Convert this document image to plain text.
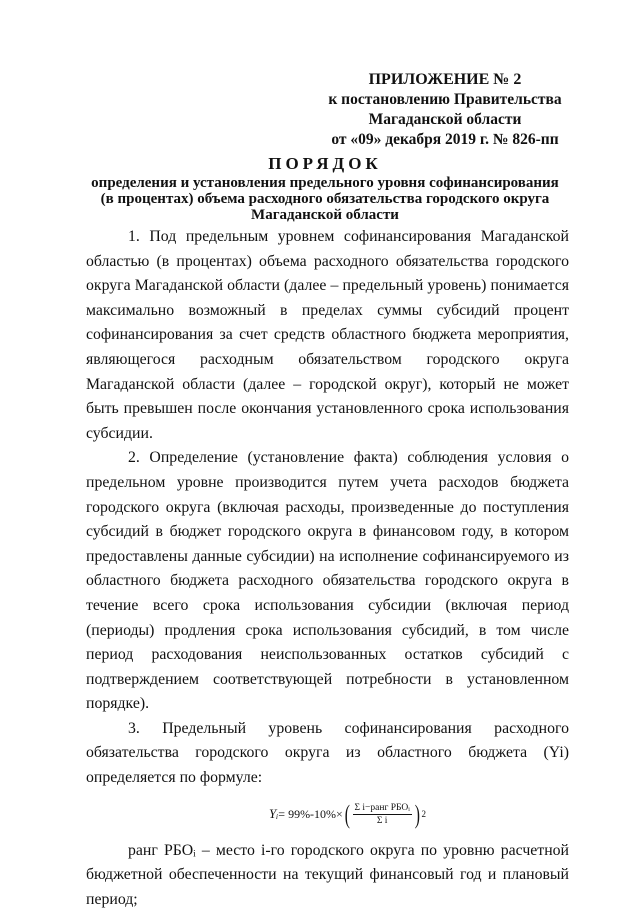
ПРИЛОЖЕНИЕ № 2
к постановлению Правительства
Магаданской области
от «09» декабря 2019 г. № 826-пп
ПОРЯДОК
определения и установления предельного уровня софинансирования
(в процентах) объема расходного обязательства городского округа
Магаданской области

1. Под предельным уровнем софинансирования Магаданской областью (в процентах) объема расходного обязательства городского округа Магаданской области (далее – предельный уровень) понимается максимально возможный в пределах суммы субсидий процент софинансирования за счет средств областного бюджета мероприятия, являющегося расходным обязательством городского округа Магаданской области (далее – городской округ), который не может быть превышен после окончания установленного срока использования субсидии.

2. Определение (установление факта) соблюдения условия о предельном уровне производится путем учета расходов бюджета городского округа (включая расходы, произведенные до поступления субсидий в бюджет городского округа в финансовом году, в котором предоставлены данные субсидии) на исполнение софинансируемого из областного бюджета расходного обязательства городского округа в течение всего срока использования субсидии (включая период (периоды) продления срока использования субсидий, в том числе период расходования неиспользованных остатков субсидий с подтверждением соответствующей потребности в установленном порядке).

3. Предельный уровень софинансирования расходного обязательства городского округа из областного бюджета (Yi) определяется по формуле:

Yᵢ = 99%-10%× ( $\frac{\text{Σ i−ранг РБОᵢ}}{\text{Σ i}}$ ) 2

ранг РБОᵢ – место i-го городского округа по уровню расчетной бюджетной обеспеченности на текущий финансовый год и плановый период;
